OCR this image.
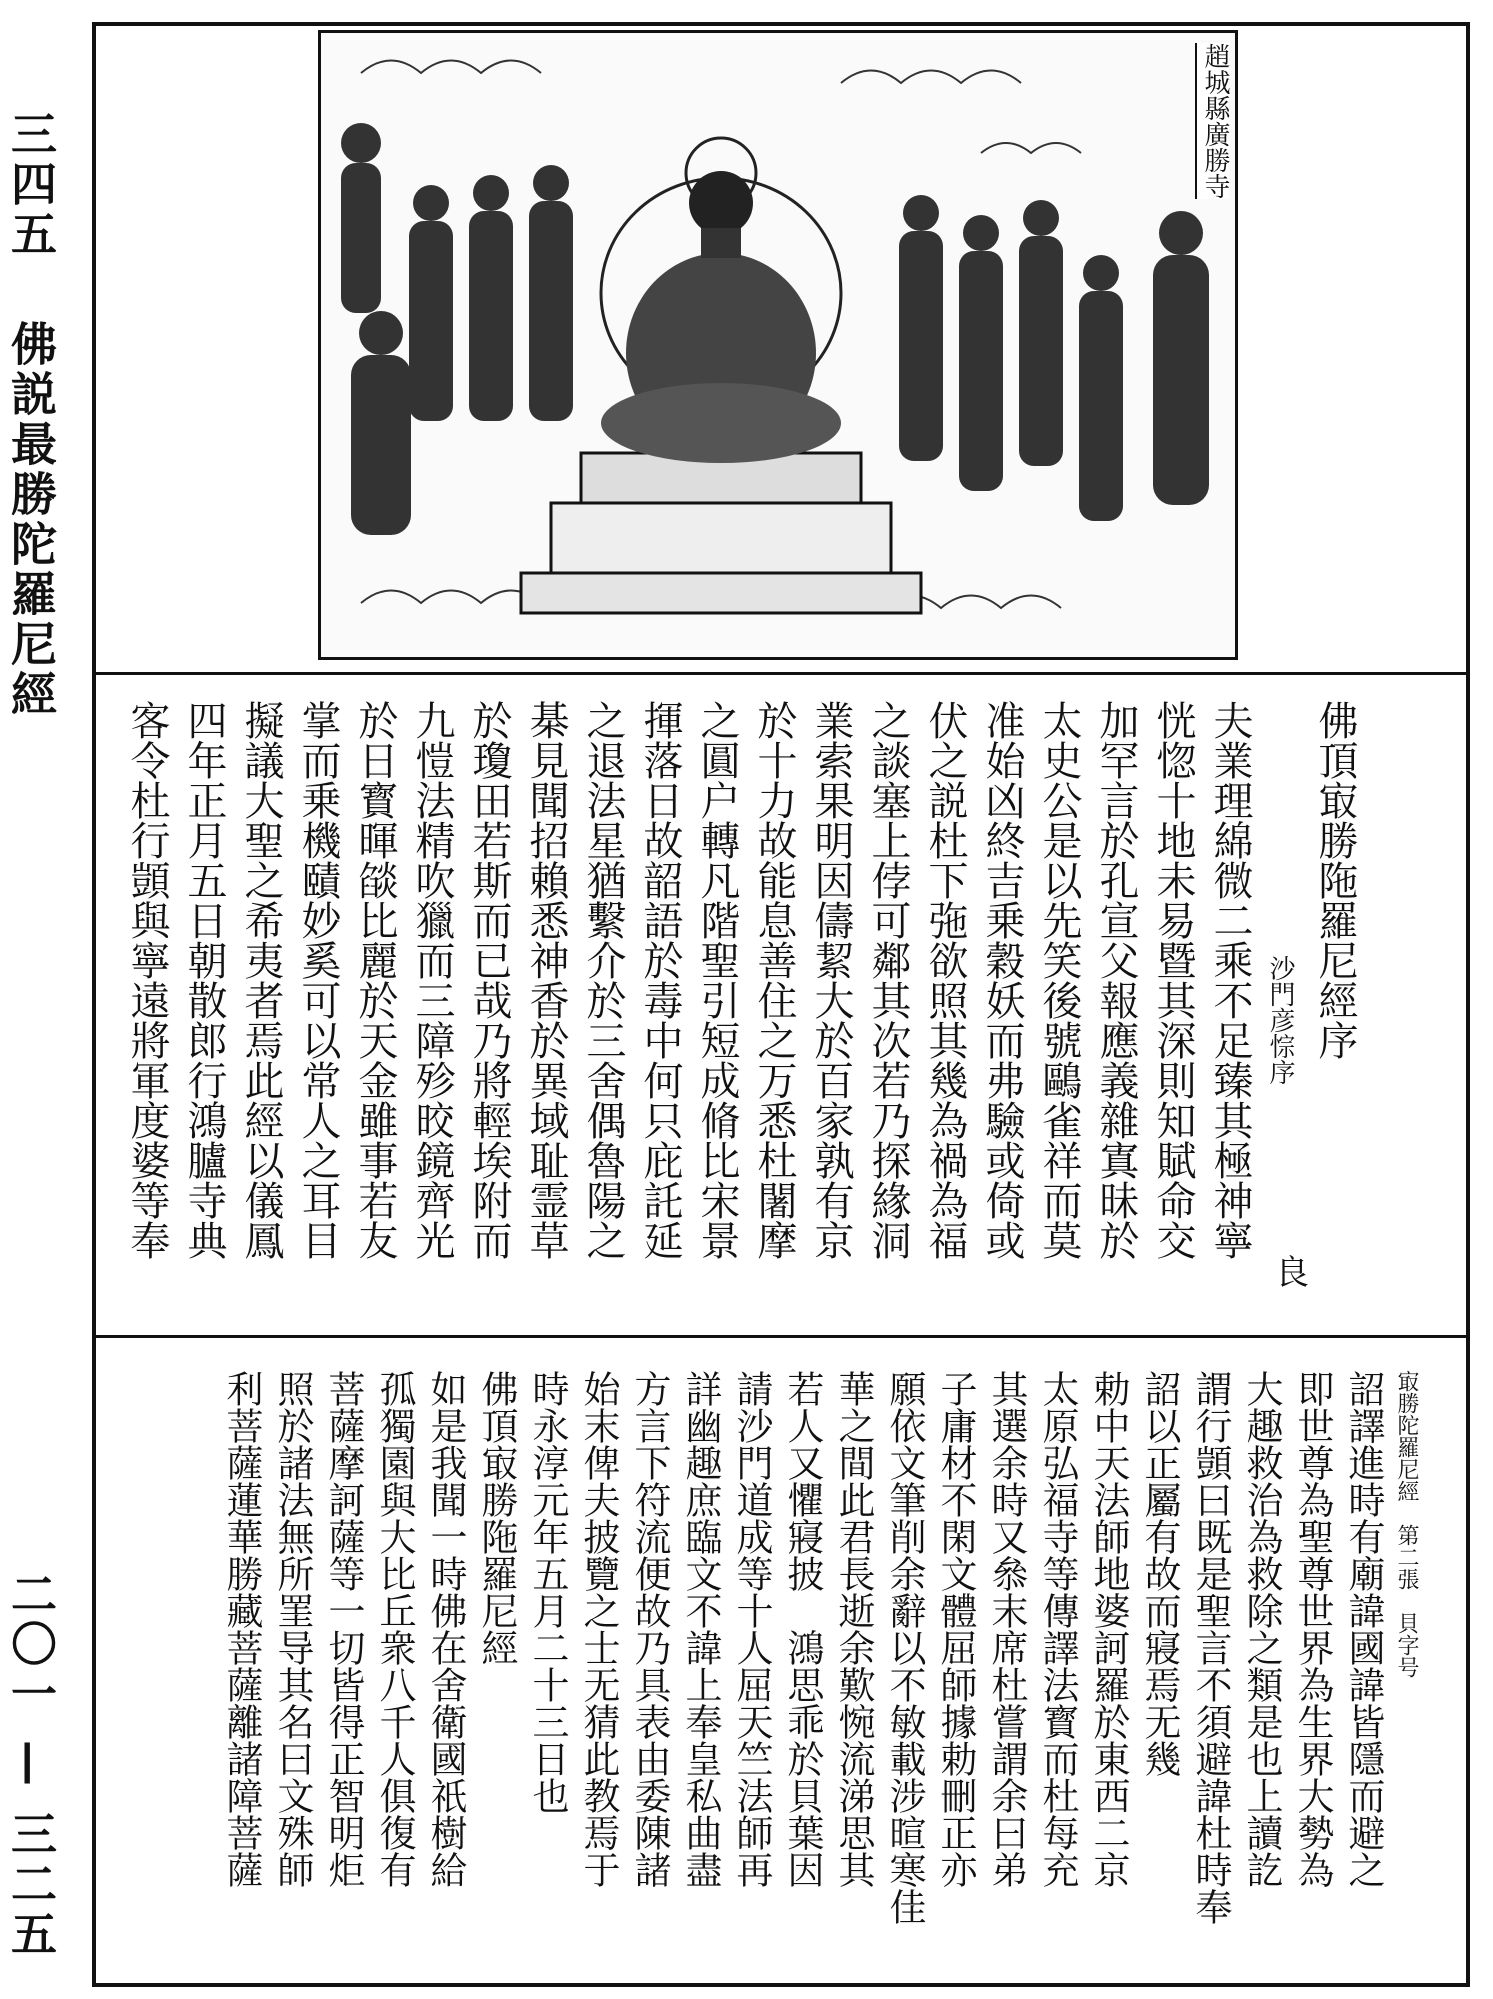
三四五
佛説最勝陀羅尼經
二〇一 — 三二五
趙城縣廣勝寺
佛頂㝡勝陁羅尼經序
沙門彦悰序
夫業理綿微二乘不足臻其極神寧
恍惚十地未易暨其深則知賦命交
加罕言於孔宣父報應義雜寘昧於
太史公是以先笑後號鷗雀祥而莫
准始凶終吉乗穀妖而弗驗或倚或
伏之説杜下㢮欲照其幾為禍為福
之談塞上侼可鄰其次若乃探緣洞
業索果明因儔絜大於百家孰有京
於十力故能息善住之万悉杜闍摩
之圓户轉凡階聖引短成脩比宋景
揮落日故韶語於毒中何只庇託延
之退法星猶繫介於三舍偶魯陽之
棊見聞招賴悉神香於異域耻霊草
於瓊田若斯而已哉乃將輕埃附而
九愷法精吹獵而三障殄晈鏡齊光
於日寳暉燄比麗於天金雖事若友
掌而乗機賾妙奚可以常人之耳目
擬議大聖之希夷者焉此經以儀鳳
四年正月五日朝散郎行鴻臚寺典
客令杜行顗與寧遠將軍度婆等奉
良
㝡勝陀羅尼經　第二張　貝字号
詔譯進時有廟諱國諱皆隱而避之
即世尊為聖尊世界為生界大勢為
大趣救治為救除之類是也上讀訖
謂行顗曰既是聖言不須避諱杜時奉
詔以正屬有故而寢焉无幾
勅中天法師地婆訶羅於東西二京
太原弘福寺等傳譯法寳而杜每充
其選余時又叅末席杜嘗謂余曰弟
子庸材不閑文體屈師據勅刪正亦
願依文筆削余辭以不敏載涉暄寒佳
華之間此君長逝余歎惋流涕思其
若人又懼寢披　鴻思乖於貝葉因
請沙門道成等十人屈天竺法師再
詳幽趣庶臨文不諱上奉皇私曲盡
方言下符流便故乃具表由委陳諸
始末俾夫披覽之士无猜此教焉于
時永淳元年五月二十三日也
佛頂㝡勝陁羅尼經
如是我聞一時佛在舍衛國祇樹給
孤獨園與大比丘衆八千人俱復有
菩薩摩訶薩等一切皆得正智明炬
照於諸法無所罣导其名曰文殊師
利菩薩蓮華勝藏菩薩離諸障菩薩
